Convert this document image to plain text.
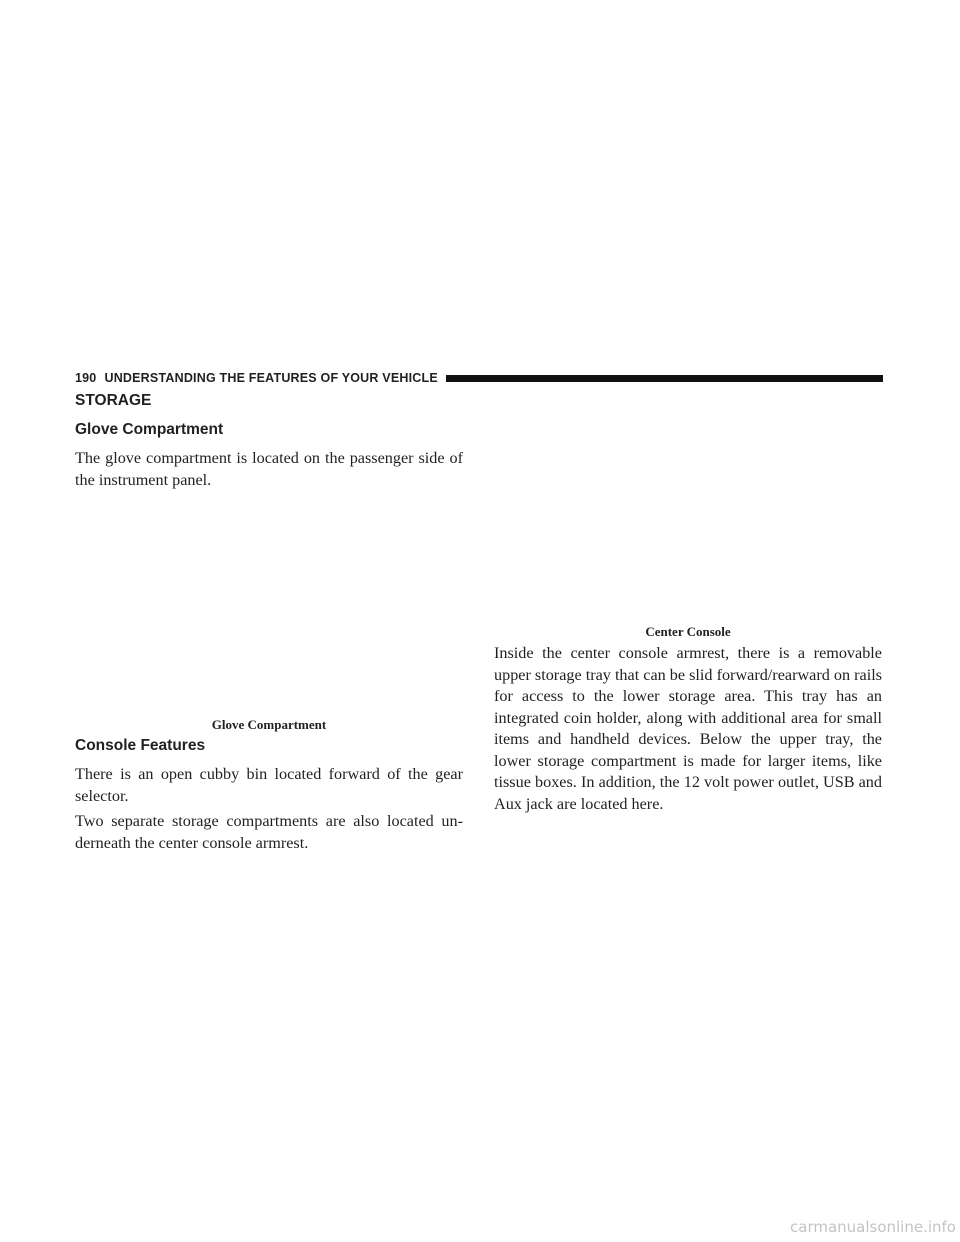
190 UNDERSTANDING THE FEATURES OF YOUR VEHICLE
STORAGE
Glove Compartment

The glove compartment is located on the passenger side of the instrument panel.

Glove Compartment
Console Features

There is an open cubby bin located forward of the gear selector.

Two separate storage compartments are also located un- derneath the center console armrest.

Center Console

Inside the center console armrest, there is a removable upper storage tray that can be slid forward/rearward on rails for access to the lower storage area. This tray has an integrated coin holder, along with additional area for small items and handheld devices. Below the upper tray, the lower storage compartment is made for larger items, like tissue boxes. In addition, the 12 volt power outlet, USB and Aux jack are located here.

carmanualsonline.info
